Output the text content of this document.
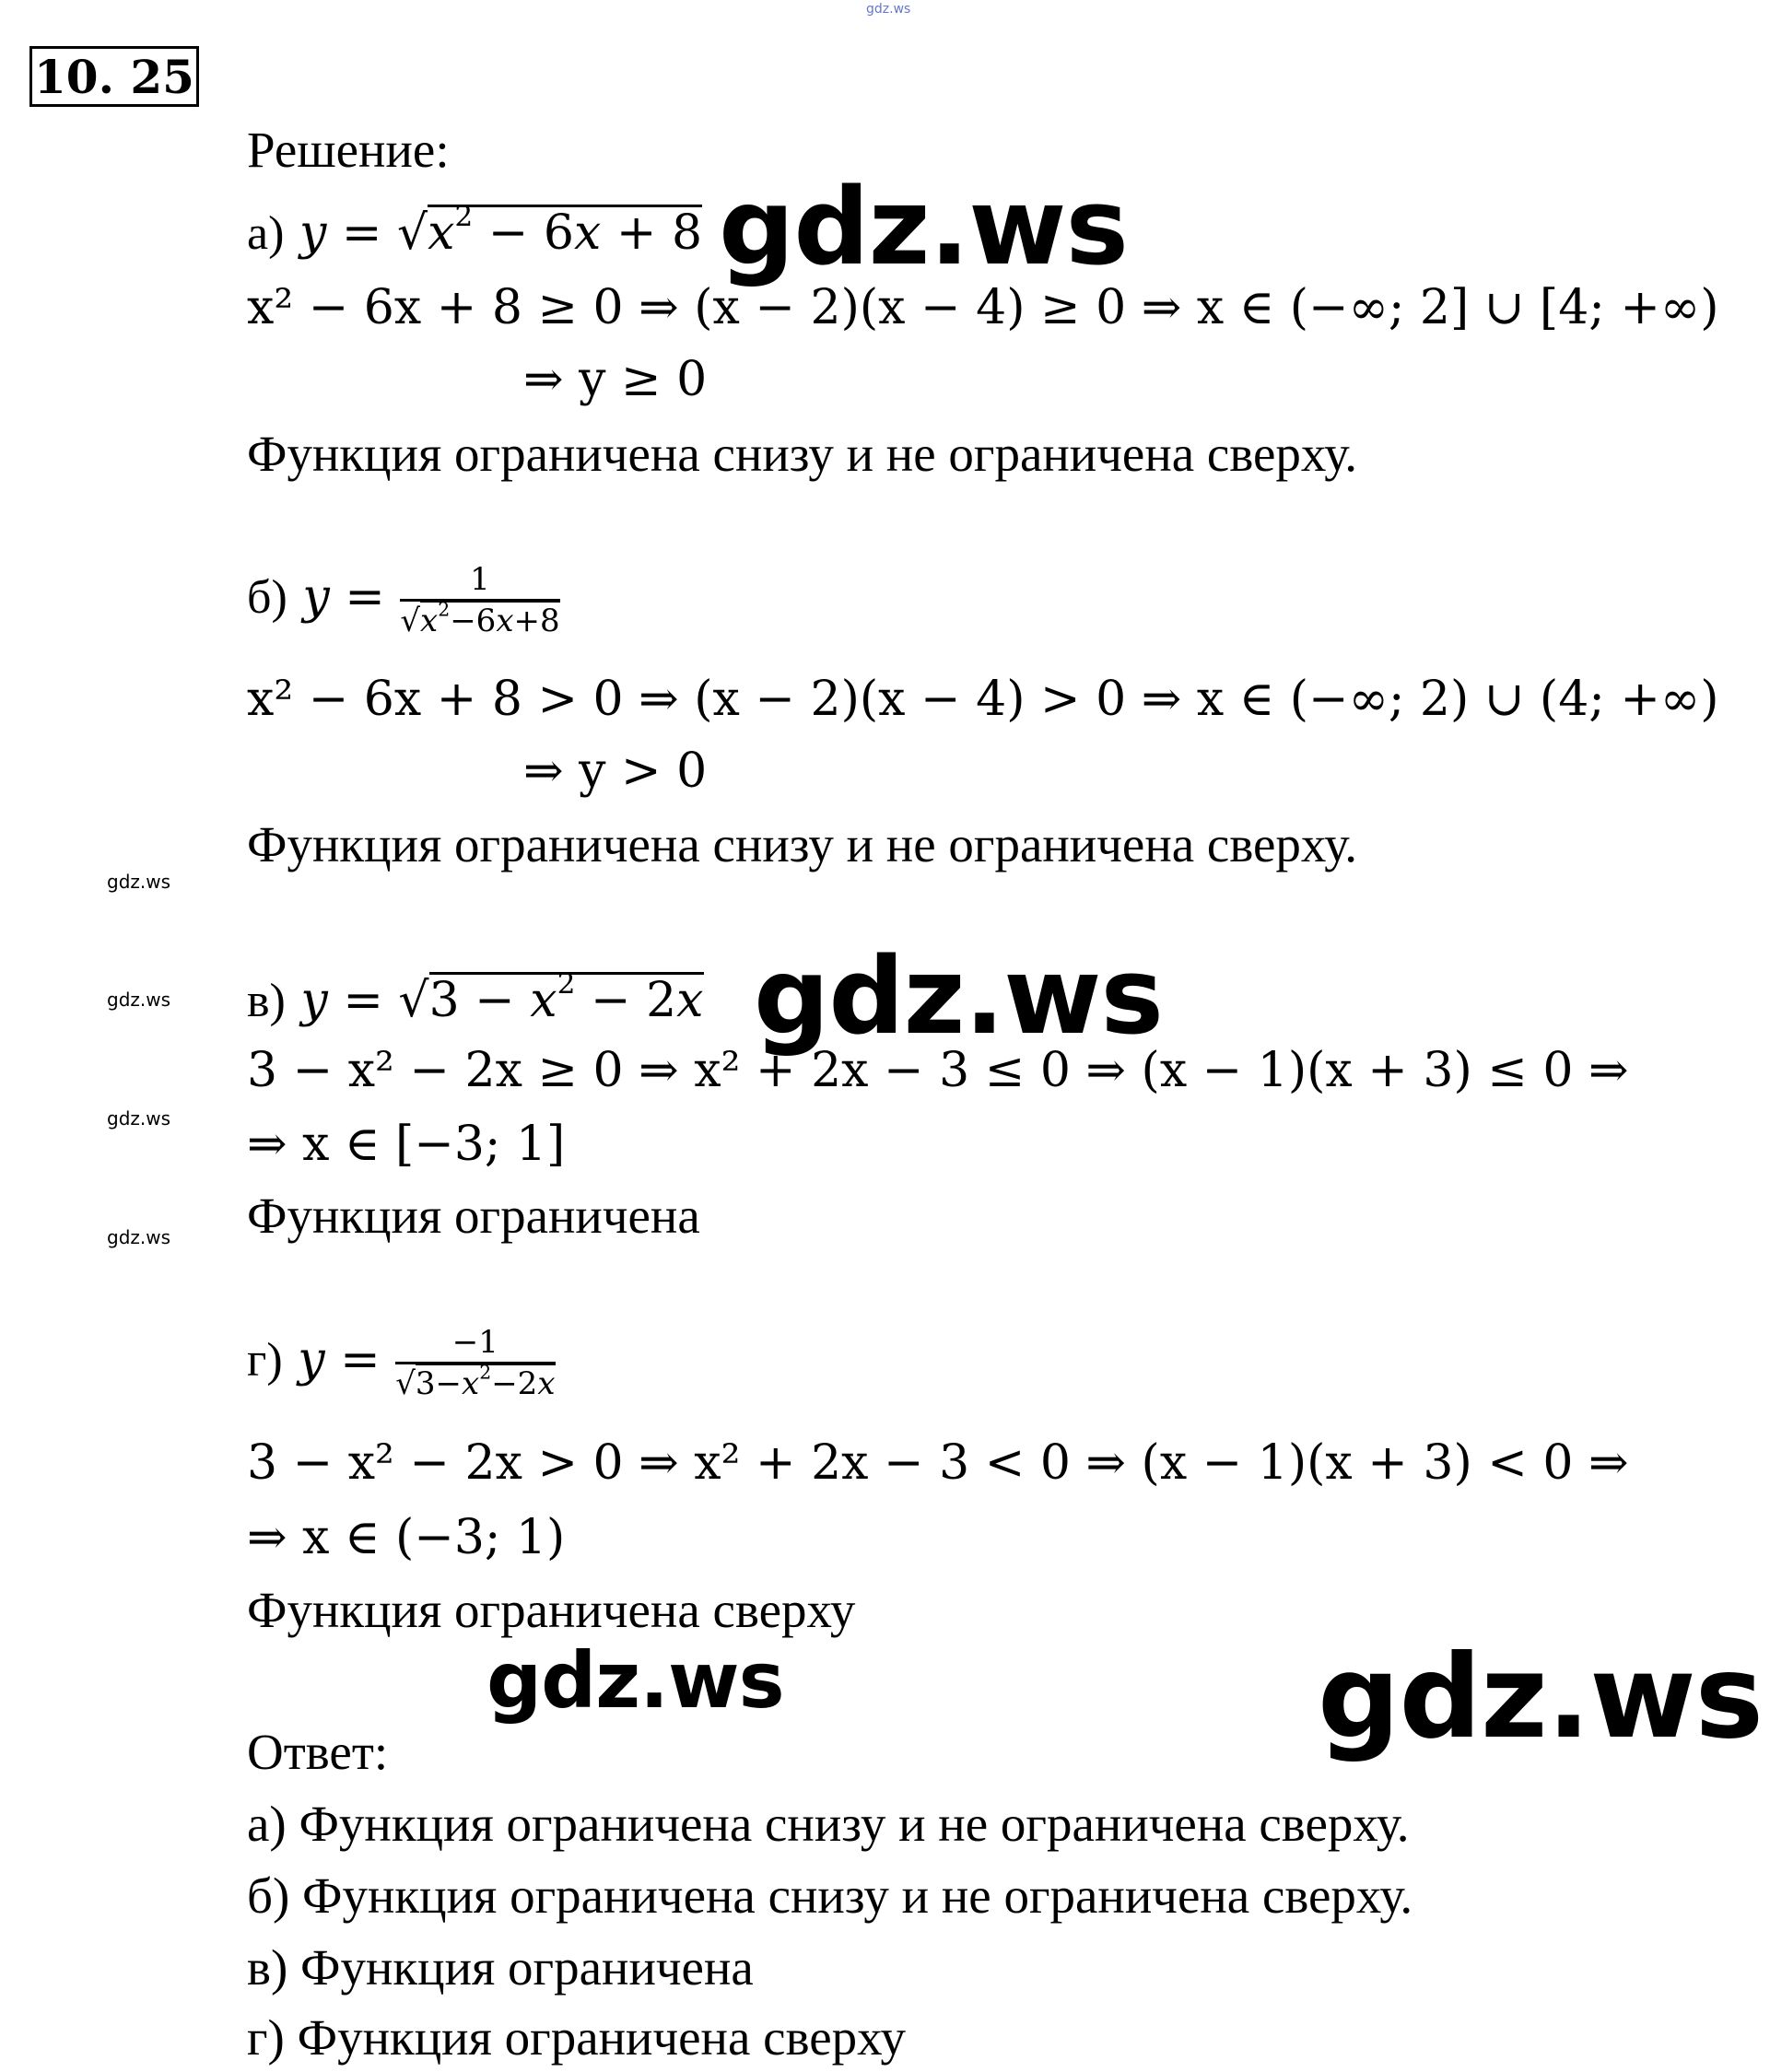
gdz.ws
10. 25
Решение:
а) $y = √x^2 - 6x + 8$ gdz.ws
x² − 6x + 8 ≥ 0 ⇒ (x − 2)(x − 4) ≥ 0 ⇒ x ∈ (−∞; 2] ∪ [4; +∞)
⇒ y ≥ 0
Функция ограничена снизу и не ограничена сверху.
б) $y = \frac{1}{√x^2-6x+8}$
x² − 6x + 8 > 0 ⇒ (x − 2)(x − 4) > 0 ⇒ x ∈ (−∞; 2) ∪ (4; +∞)
⇒ y > 0
Функция ограничена снизу и не ограничена сверху.
gdz.ws
gdz.ws
gdz.ws
gdz.ws
в) $y = √3 - x^2 - 2x$ gdz.ws
3 − x² − 2x ≥ 0 ⇒ x² + 2x − 3 ≤ 0 ⇒ (x − 1)(x + 3) ≤ 0 ⇒
⇒ x ∈ [−3; 1]
Функция ограничена
г) $y = \frac{-1}{√3-x^2-2x}$
3 − x² − 2x > 0 ⇒ x² + 2x − 3 < 0 ⇒ (x − 1)(x + 3) < 0 ⇒
⇒ x ∈ (−3; 1)
Функция ограничена сверху
gdz.ws	gdz.ws
Ответ:
а) Функция ограничена снизу и не ограничена сверху.
б) Функция ограничена снизу и не ограничена сверху.
в) Функция ограничена
г) Функция ограничена сверху
